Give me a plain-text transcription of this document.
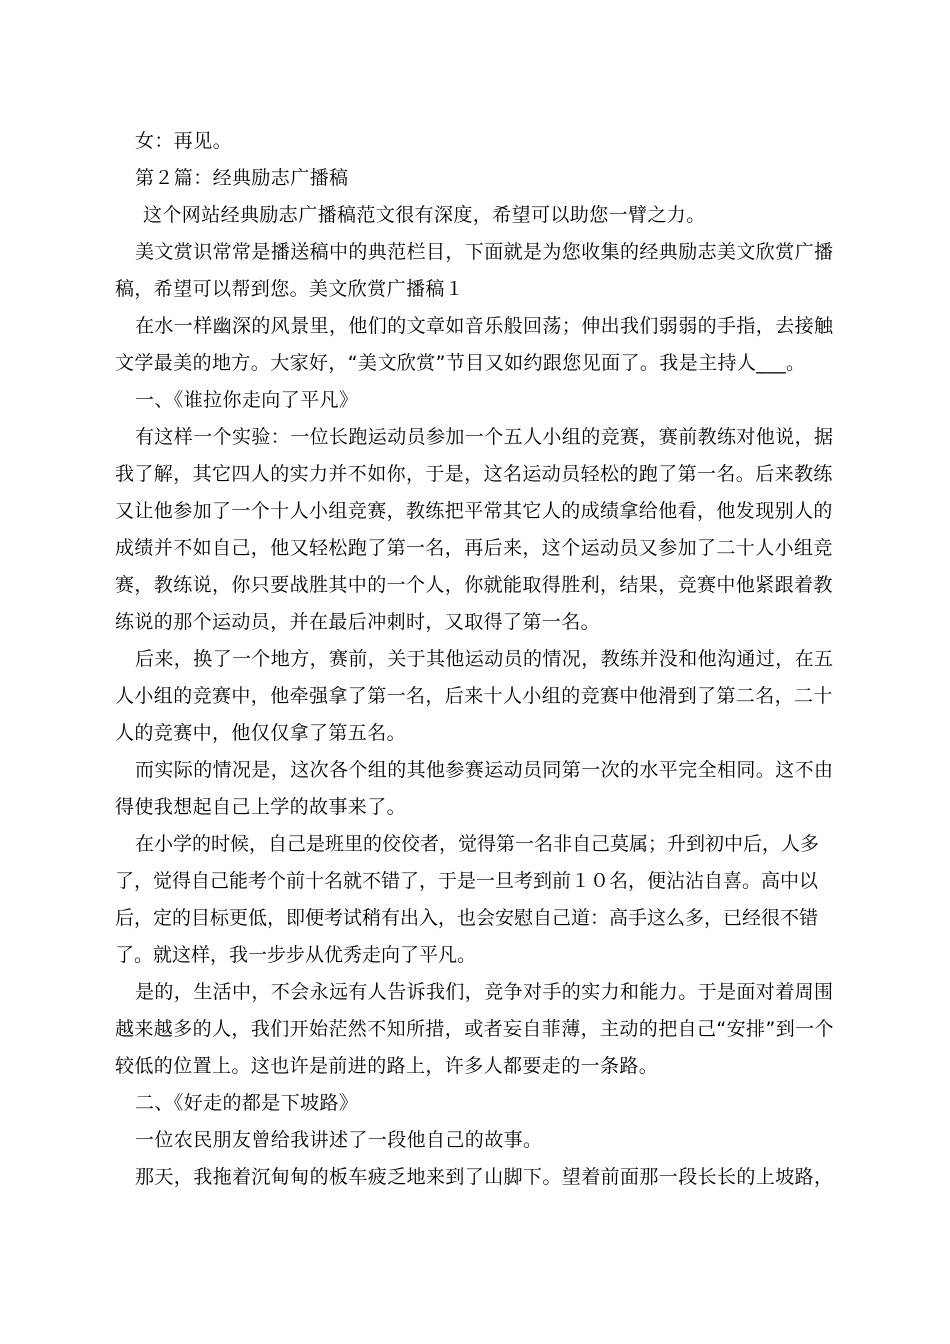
女：再见。

第２篇：经典励志广播稿

这个网站经典励志广播稿范文很有深度，希望可以助您一臂之力。

美文赏识常常是播送稿中的典范栏目，下面就是为您收集的经典励志美文欣赏广播稿，希望可以帮到您。美文欣赏广播稿１

在水一样幽深的风景里，他们的文章如音乐般回荡；伸出我们弱弱的手指，去接触文学最美的地方。大家好，“美文欣赏”节目又如约跟您见面了。我是主持人___。

一、《谁拉你走向了平凡》

有这样一个实验：一位长跑运动员参加一个五人小组的竞赛，赛前教练对他说，据我了解，其它四人的实力并不如你，于是，这名运动员轻松的跑了第一名。后来教练又让他参加了一个十人小组竞赛，教练把平常其它人的成绩拿给他看，他发现别人的成绩并不如自己，他又轻松跑了第一名，再后来，这个运动员又参加了二十人小组竞赛，教练说，你只要战胜其中的一个人，你就能取得胜利，结果，竞赛中他紧跟着教练说的那个运动员，并在最后冲刺时，又取得了第一名。

后来，换了一个地方，赛前，关于其他运动员的情况，教练并没和他沟通过，在五人小组的竞赛中，他牵强拿了第一名，后来十人小组的竞赛中他滑到了第二名，二十人的竞赛中，他仅仅拿了第五名。

而实际的情况是，这次各个组的其他参赛运动员同第一次的水平完全相同。这不由得使我想起自己上学的故事来了。

在小学的时候，自己是班里的佼佼者，觉得第一名非自己莫属；升到初中后，人多了，觉得自己能考个前十名就不错了，于是一旦考到前１０名，便沾沾自喜。高中以后，定的目标更低，即便考试稍有出入，也会安慰自己道：高手这么多，已经很不错了。就这样，我一步步从优秀走向了平凡。

是的，生活中，不会永远有人告诉我们，竞争对手的实力和能力。于是面对着周围越来越多的人，我们开始茫然不知所措，或者妄自菲薄，主动的把自己“安排”到一个较低的位置上。这也许是前进的路上，许多人都要走的一条路。

二、《好走的都是下坡路》

一位农民朋友曾给我讲述了一段他自己的故事。

那天，我拖着沉甸甸的板车疲乏地来到了山脚下。望着前面那一段长长的上坡路，
